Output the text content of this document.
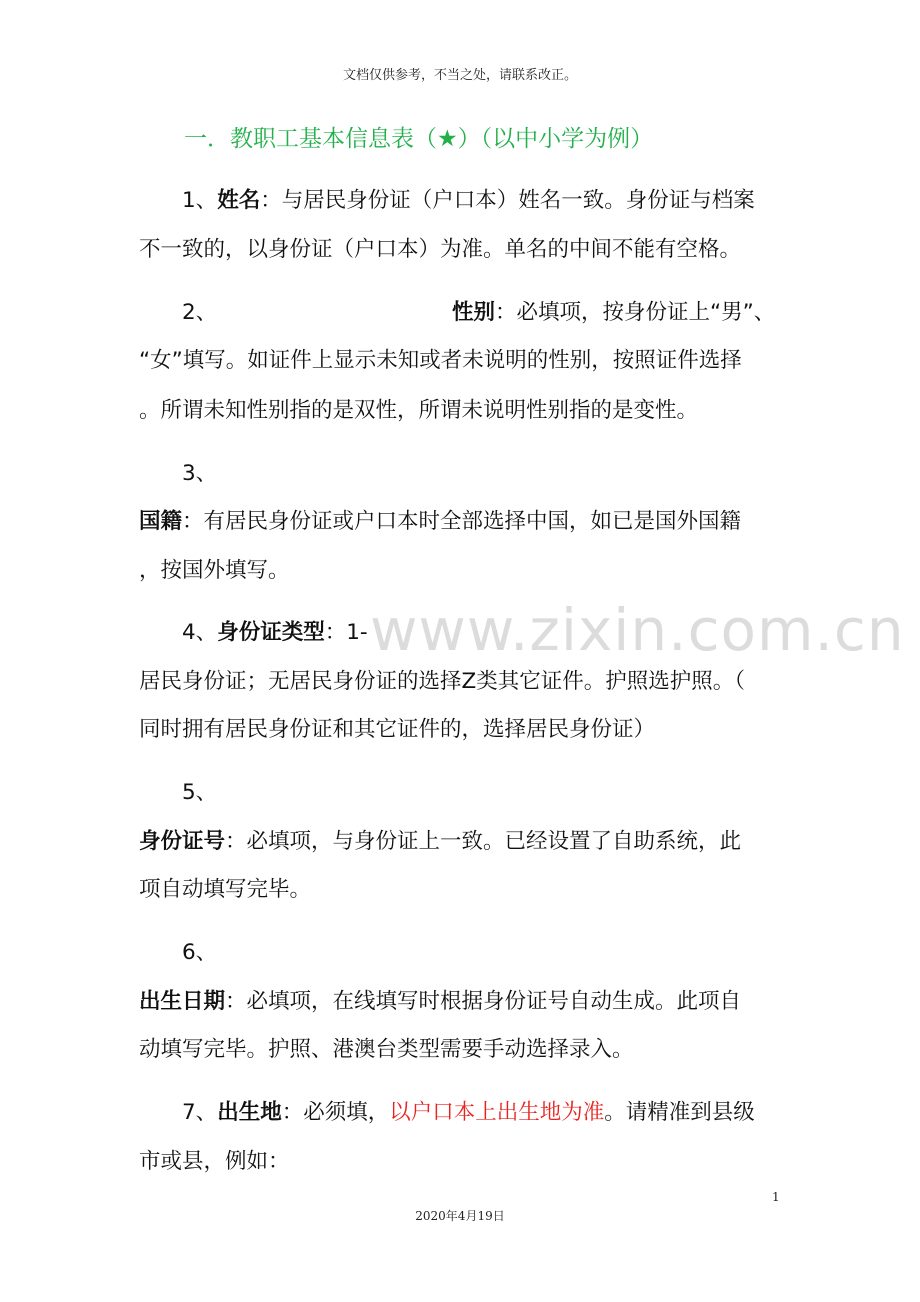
文档仅供参考，不当之处，请联系改正。
一．教职工基本信息表（★）（以中小学为例）
www.zixin.com.cn
1、姓名：与居民身份证（户口本）姓名一致。身份证与档案
不一致的，以身份证（户口本）为准。单名的中间不能有空格。
2、	性别：必填项，按身份证上“男”、
“女”填写。如证件上显示未知或者未说明的性别，按照证件选择
。所谓未知性别指的是双性，所谓未说明性别指的是变性。
3、
国籍：有居民身份证或户口本时全部选择中国，如已是国外国籍
，按国外填写。
4、身份证类型：1-
居民身份证；无居民身份证的选择Z类其它证件。护照选护照。（
同时拥有居民身份证和其它证件的，选择居民身份证）
5、
身份证号：必填项，与身份证上一致。已经设置了自助系统，此
项自动填写完毕。
6、
出生日期：必填项，在线填写时根据身份证号自动生成。此项自
动填写完毕。护照、港澳台类型需要手动选择录入。
7、出生地：必须填，以户口本上出生地为准。请精准到县级
市或县，例如：
1
2020年4月19日
